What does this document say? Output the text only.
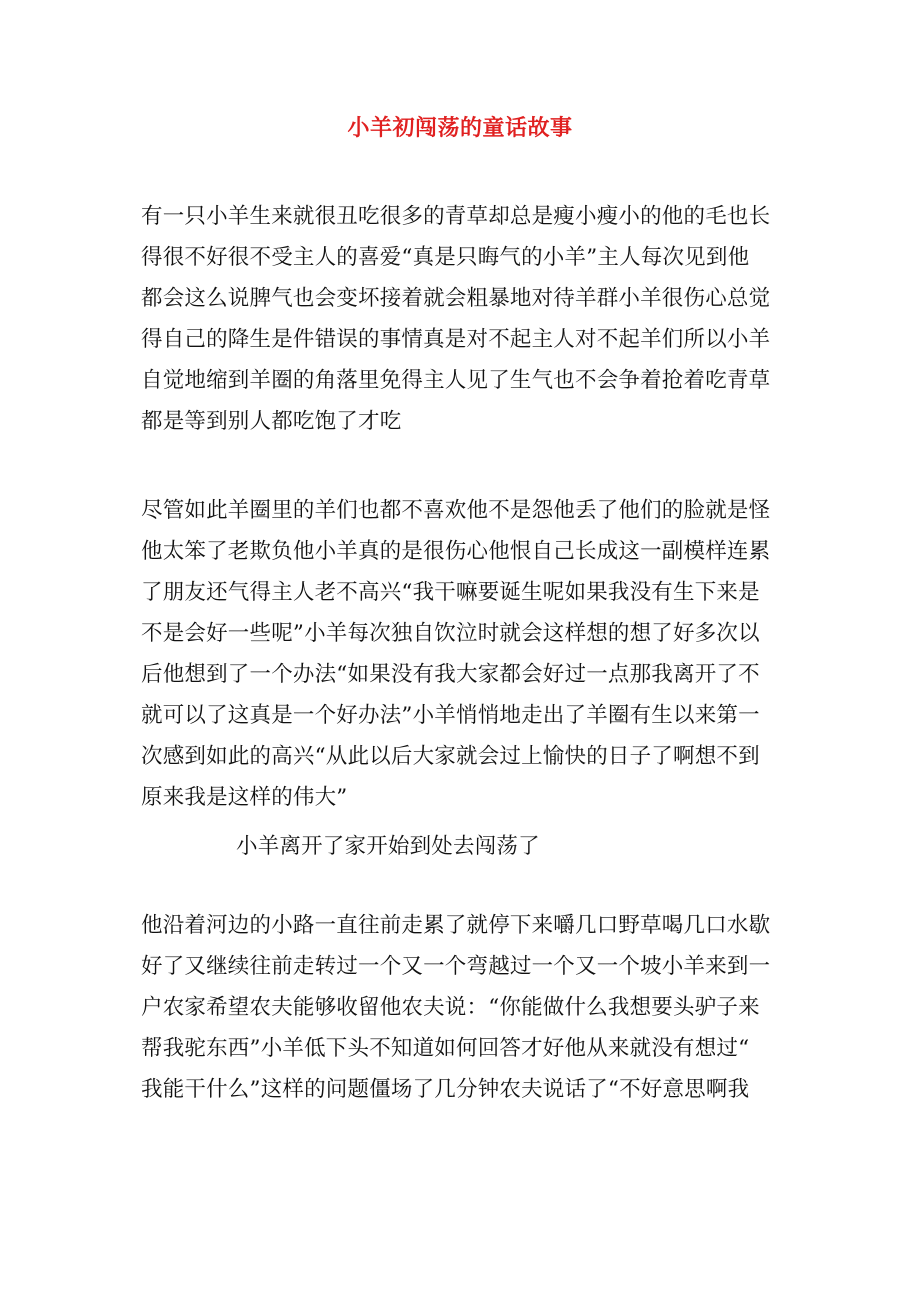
小羊初闯荡的童话故事
有一只小羊生来就很丑吃很多的青草却总是瘦小瘦小的他的毛也长
得很不好很不受主人的喜爱“真是只晦气的小羊”主人每次见到他
都会这么说脾气也会变坏接着就会粗暴地对待羊群小羊很伤心总觉
得自己的降生是件错误的事情真是对不起主人对不起羊们所以小羊
自觉地缩到羊圈的角落里免得主人见了生气也不会争着抢着吃青草
都是等到别人都吃饱了才吃
尽管如此羊圈里的羊们也都不喜欢他不是怨他丢了他们的脸就是怪
他太笨了老欺负他小羊真的是很伤心他恨自己长成这一副模样连累
了朋友还气得主人老不高兴“我干嘛要诞生呢如果我没有生下来是
不是会好一些呢”小羊每次独自饮泣时就会这样想的想了好多次以
后他想到了一个办法“如果没有我大家都会好过一点那我离开了不
就可以了这真是一个好办法”小羊悄悄地走出了羊圈有生以来第一
次感到如此的高兴“从此以后大家就会过上愉快的日子了啊想不到
原来我是这样的伟大”
小羊离开了家开始到处去闯荡了
他沿着河边的小路一直往前走累了就停下来嚼几口野草喝几口水歇
好了又继续往前走转过一个又一个弯越过一个又一个坡小羊来到一
户农家希望农夫能够收留他农夫说：“你能做什么我想要头驴子来
帮我驼东西”小羊低下头不知道如何回答才好他从来就没有想过“
我能干什么”这样的问题僵场了几分钟农夫说话了“不好意思啊我
